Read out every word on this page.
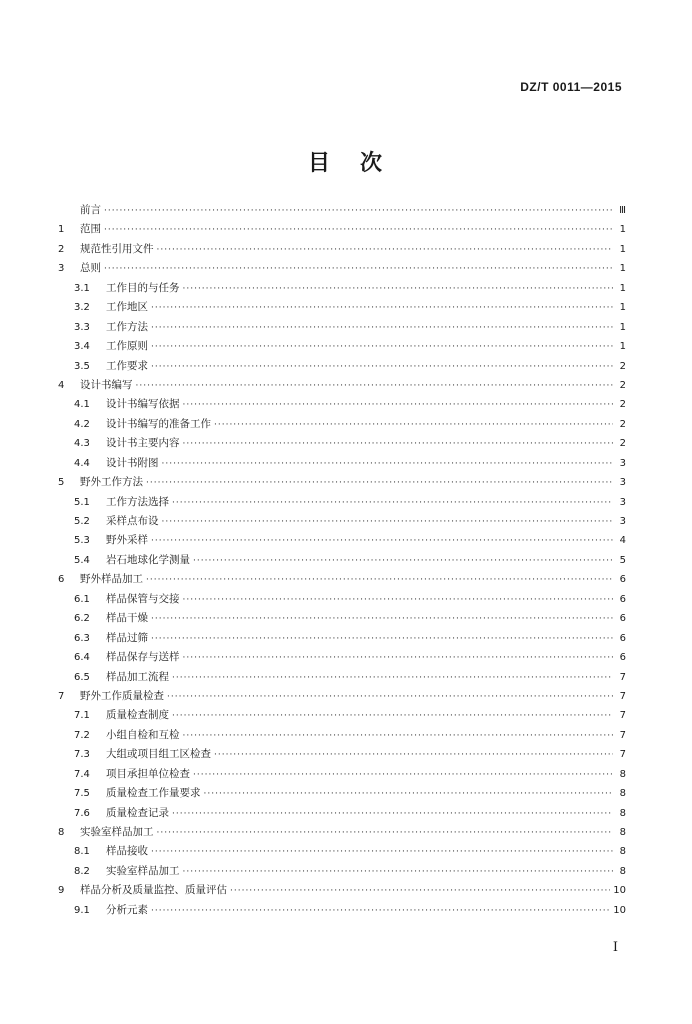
DZ/T 0011—2015
目 次
前言 ·····	Ⅲ
1	范围 ·····	1
2	规范性引用文件 ·····	1
3	总则 ·····	1
3.1	工作目的与任务 ·····	1
3.2	工作地区 ·····	1
3.3	工作方法 ·····	1
3.4	工作原则 ·····	1
3.5	工作要求 ·····	2
4	设计书编写 ·····	2
4.1	设计书编写依据 ·····	2
4.2	设计书编写的准备工作 ·····	2
4.3	设计书主要内容 ·····	2
4.4	设计书附图 ·····	3
5	野外工作方法 ·····	3
5.1	工作方法选择 ·····	3
5.2	采样点布设 ·····	3
5.3	野外采样 ·····	4
5.4	岩石地球化学测量 ·····	5
6	野外样品加工 ·····	6
6.1	样品保管与交接 ·····	6
6.2	样品干燥 ·····	6
6.3	样品过筛 ·····	6
6.4	样品保存与送样 ·····	6
6.5	样品加工流程 ·····	7
7	野外工作质量检查 ·····	7
7.1	质量检查制度 ·····	7
7.2	小组自检和互检 ·····	7
7.3	大组或项目组工区检查 ·····	7
7.4	项目承担单位检查 ·····	8
7.5	质量检查工作量要求 ·····	8
7.6	质量检查记录 ·····	8
8	实验室样品加工 ·····	8
8.1	样品接收 ·····	8
8.2	实验室样品加工 ·····	8
9	样品分析及质量监控、质量评估 ·····	10
9.1	分析元素 ·····	10
I
